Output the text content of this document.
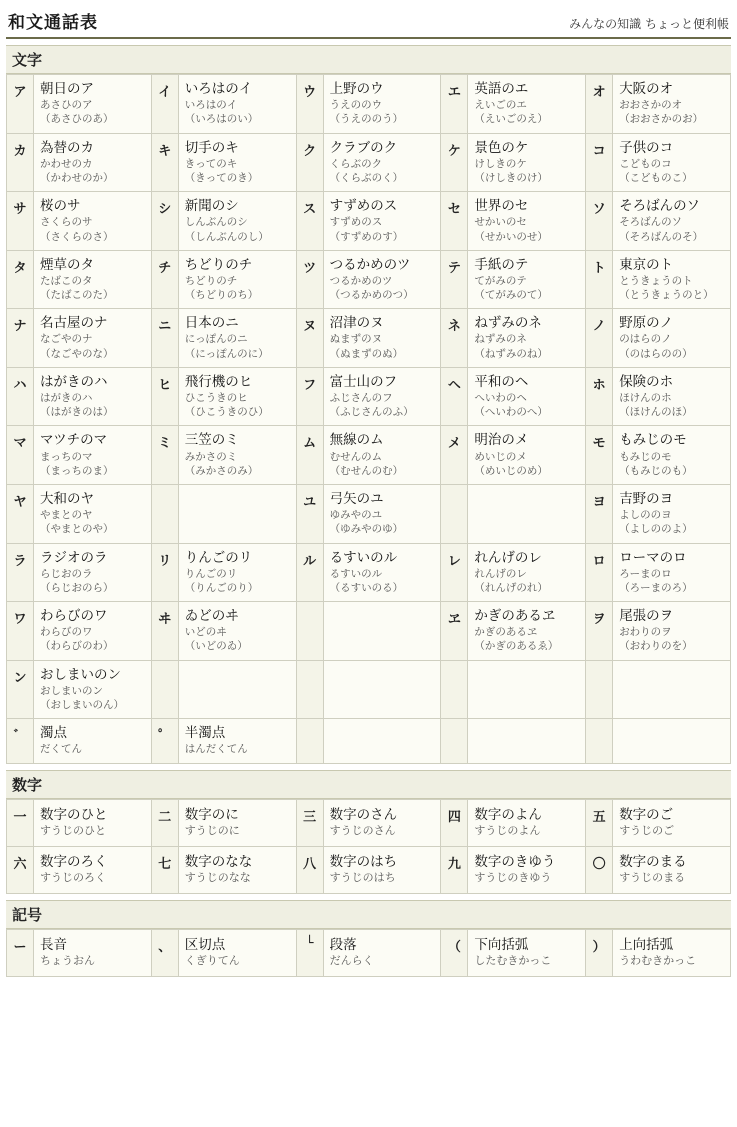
和文通話表	みんなの知識 ちょっと便利帳
文字
ア	朝日のア
あさひのア
（あさひのあ）
	イ	いろはのイ
いろはのイ
（いろはのい）
	ウ	上野のウ
うえののウ
（うえののう）
	エ	英語のエ
えいごのエ
（えいごのえ）
	オ	大阪のオ
おおさかのオ
（おおさかのお）

カ	為替のカ
かわせのカ
（かわせのか）
	キ	切手のキ
きってのキ
（きってのき）
	ク	クラブのク
くらぶのク
（くらぶのく）
	ケ	景色のケ
けしきのケ
（けしきのけ）
	コ	子供のコ
こどものコ
（こどものこ）

サ	桜のサ
さくらのサ
（さくらのさ）
	シ	新聞のシ
しんぶんのシ
（しんぶんのし）
	ス	すずめのス
すずめのス
（すずめのす）
	セ	世界のセ
せかいのセ
（せかいのせ）
	ソ	そろばんのソ
そろばんのソ
（そろばんのそ）

タ	煙草のタ
たばこのタ
（たばこのた）
	チ	ちどりのチ
ちどりのチ
（ちどりのち）
	ツ	つるかめのツ
つるかめのツ
（つるかめのつ）
	テ	手紙のテ
てがみのテ
（てがみのて）
	ト	東京のト
とうきょうのト
（とうきょうのと）

ナ	名古屋のナ
なごやのナ
（なごやのな）
	ニ	日本のニ
にっぽんのニ
（にっぽんのに）
	ヌ	沼津のヌ
ぬまずのヌ
（ぬまずのぬ）
	ネ	ねずみのネ
ねずみのネ
（ねずみのね）
	ノ	野原のノ
のはらのノ
（のはらのの）

ハ	はがきのハ
はがきのハ
（はがきのは）
	ヒ	飛行機のヒ
ひこうきのヒ
（ひこうきのひ）
	フ	富士山のフ
ふじさんのフ
（ふじさんのふ）
	ヘ	平和のヘ
へいわのヘ
（へいわのへ）
	ホ	保険のホ
ほけんのホ
（ほけんのほ）

マ	マツチのマ
まっちのマ
（まっちのま）
	ミ	三笠のミ
みかさのミ
（みかさのみ）
	ム	無線のム
むせんのム
（むせんのむ）
	メ	明治のメ
めいじのメ
（めいじのめ）
	モ	もみじのモ
もみじのモ
（もみじのも）

ヤ	大和のヤ
やまとのヤ
（やまとのや）
			ユ	弓矢のユ
ゆみやのユ
（ゆみやのゆ）
			ヨ	吉野のヨ
よしののヨ
（よしののよ）

ラ	ラジオのラ
らじおのラ
（らじおのら）
	リ	りんごのリ
りんごのリ
（りんごのり）
	ル	るすいのル
るすいのル
（るすいのる）
	レ	れんげのレ
れんげのレ
（れんげのれ）
	ロ	ローマのロ
ろーまのロ
（ろーまのろ）

ワ	わらびのワ
わらびのワ
（わらびのわ）
	ヰ	ゐどのヰ
いどのヰ
（いどのゐ）
			ヱ	かぎのあるヱ
かぎのあるヱ
（かぎのあるゑ）
	ヲ	尾張のヲ
おわりのヲ
（おわりのを）

ン	おしまいのン
おしまいのン
（おしまいのん）								

゛	濁点
だくてん
	゜	半濁点
はんだくてん

数字
一	数字のひと
すうじのひと
	二	数字のに
すうじのに
	三	数字のさん
すうじのさん
	四	数字のよん
すうじのよん
	五	数字のご
すうじのご

六	数字のろく
すうじのろく
	七	数字のなな
すうじのなな
	八	数字のはち
すうじのはち
	九	数字のきゆう
すうじのきゆう
	〇	数字のまる
すうじのまる
記号
ー	長音
ちょうおん
	、	区切点
くぎりてん
	└	段落
だんらく
	（	下向括弧
したむきかっこ
	）	上向括弧
うわむきかっこ
